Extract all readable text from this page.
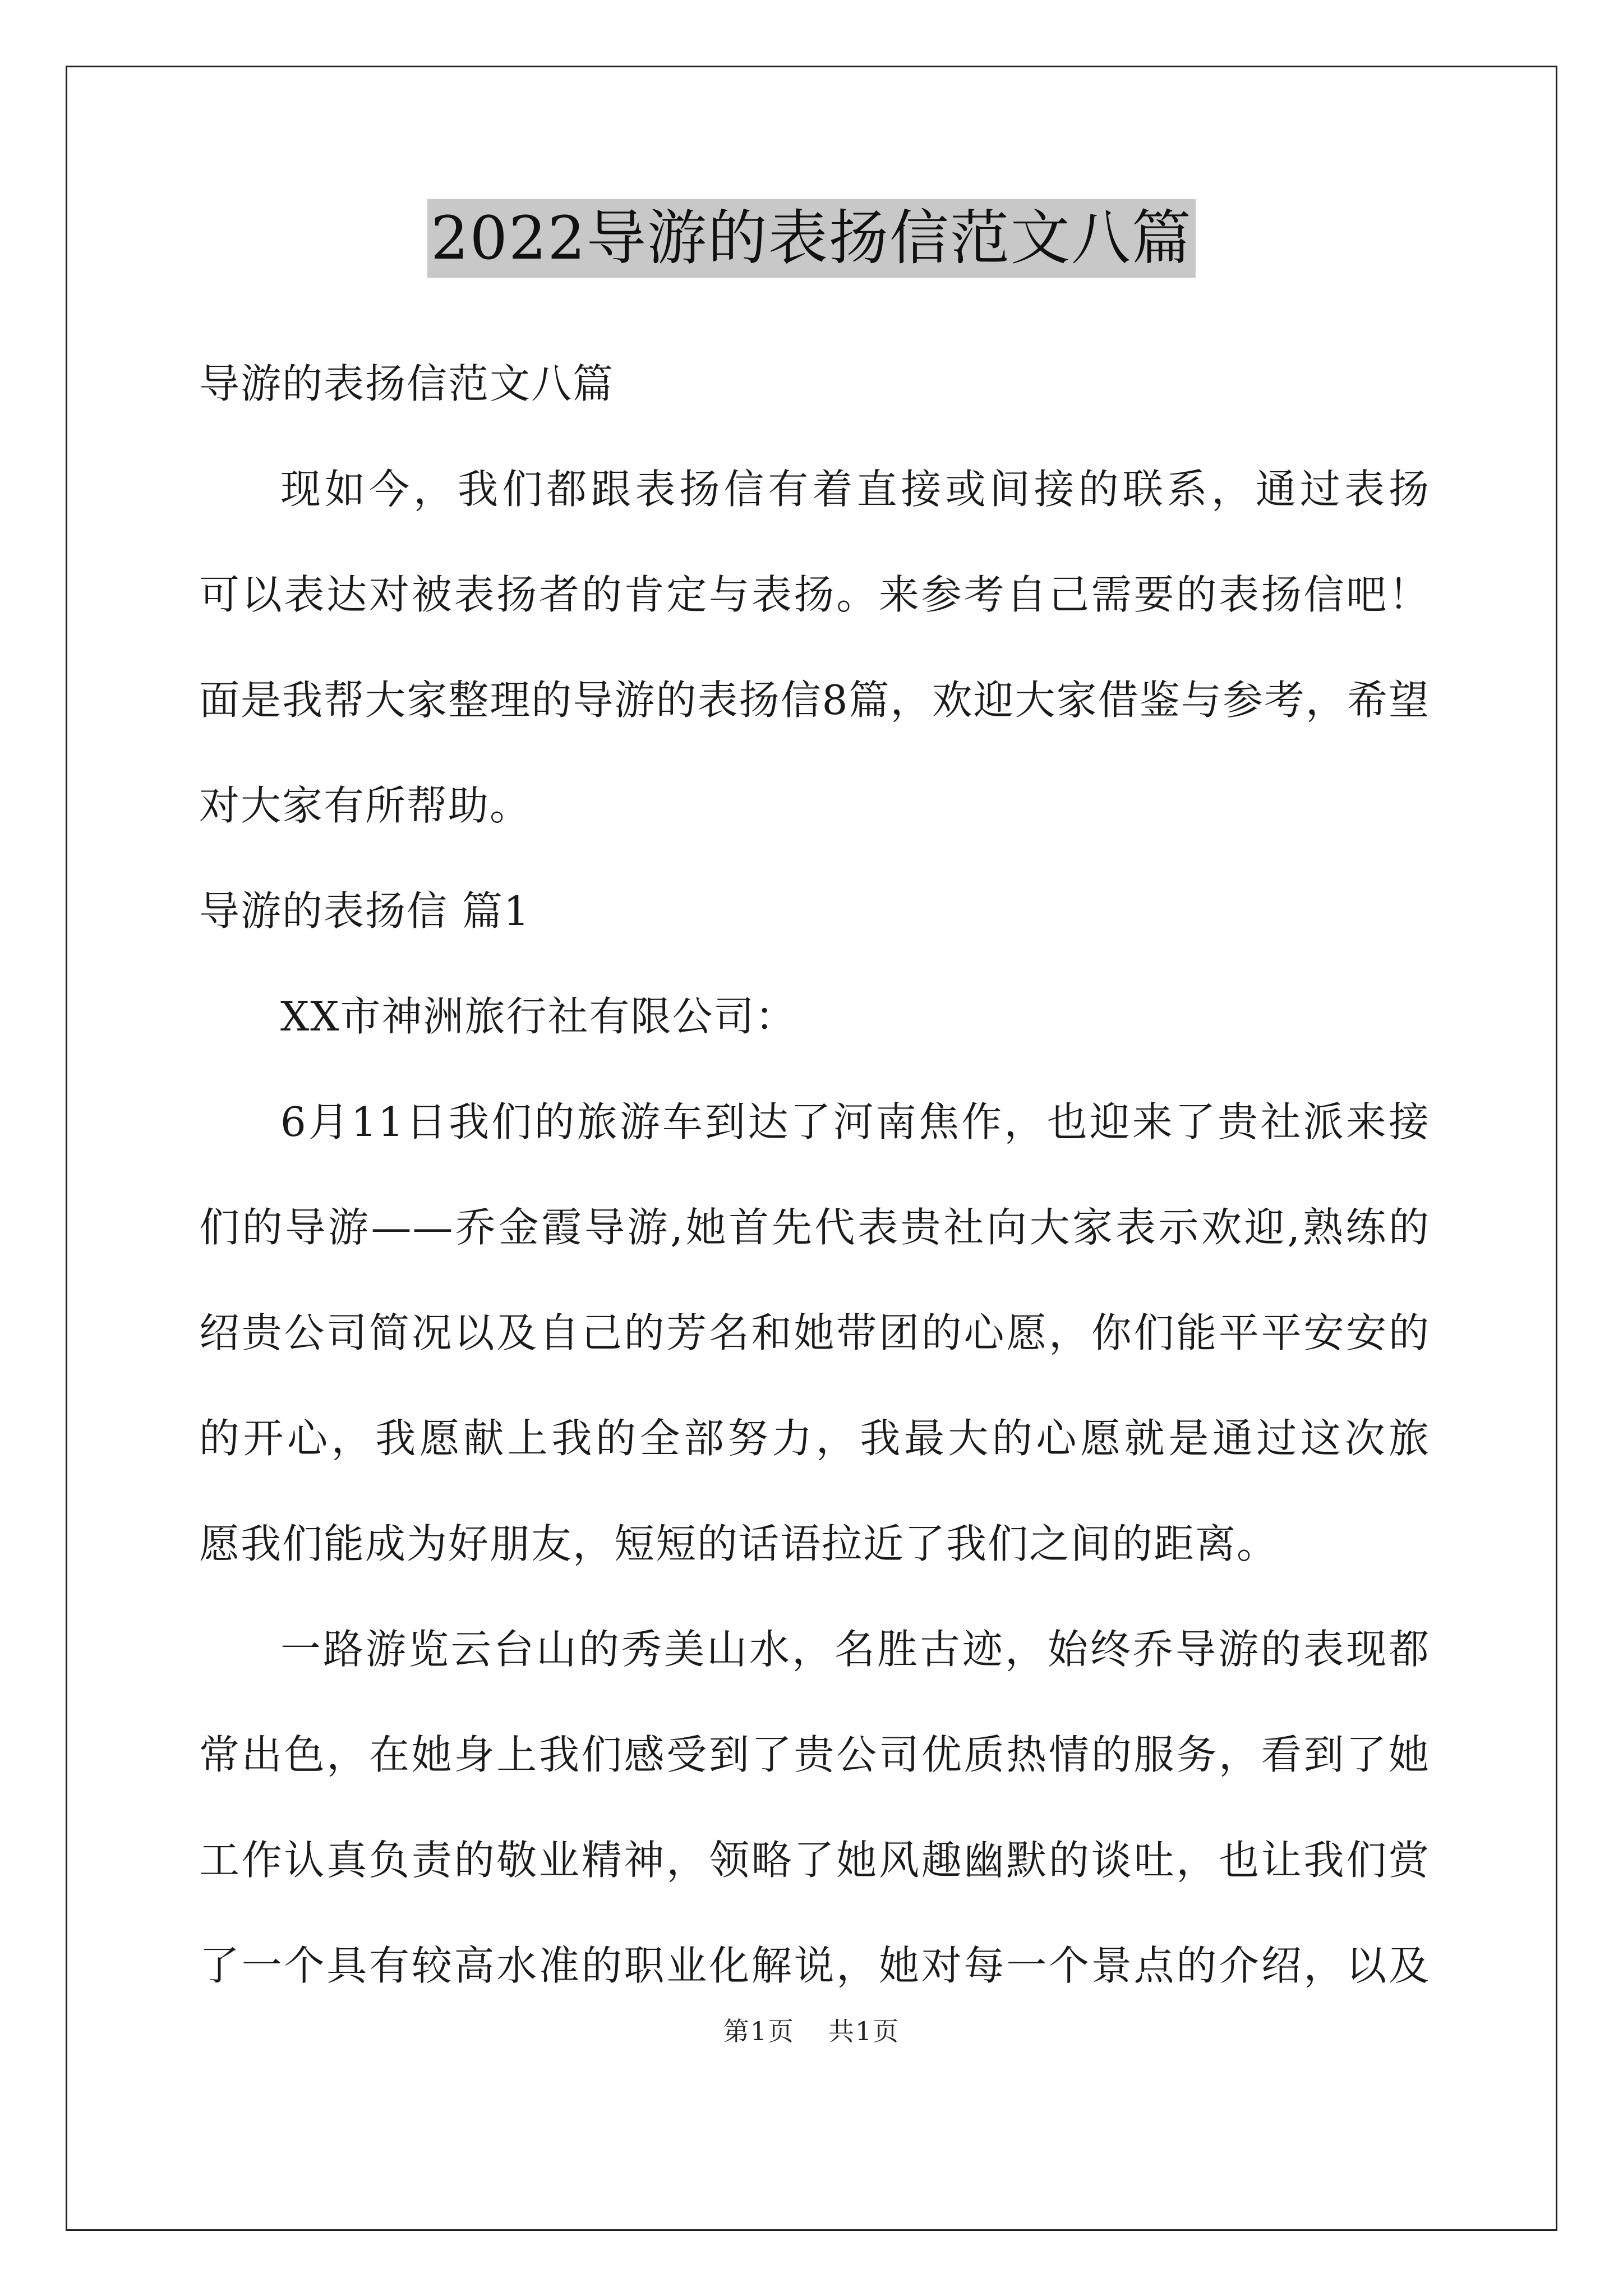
2022导游的表扬信范文八篇
导游的表扬信范文八篇
现如今，我们都跟表扬信有着直接或间接的联系，通过表扬
可以表达对被表扬者的肯定与表扬。来参考自己需要的表扬信吧！
面是我帮大家整理的导游的表扬信8篇，欢迎大家借鉴与参考，希望
对大家有所帮助。
导游的表扬信 篇1
XX市神洲旅行社有限公司：
6月11日我们的旅游车到达了河南焦作，也迎来了贵社派来接
们的导游——乔金霞导游,她首先代表贵社向大家表示欢迎,熟练的
绍贵公司简况以及自己的芳名和她带团的心愿，你们能平平安安的
的开心，我愿献上我的全部努力，我最大的心愿就是通过这次旅
愿我们能成为好朋友，短短的话语拉近了我们之间的距离。
一路游览云台山的秀美山水，名胜古迹，始终乔导游的表现都
常出色，在她身上我们感受到了贵公司优质热情的服务，看到了她
工作认真负责的敬业精神，领略了她风趣幽默的谈吐，也让我们赏
了一个具有较高水准的职业化解说，她对每一个景点的介绍，以及
第1页 共1页
